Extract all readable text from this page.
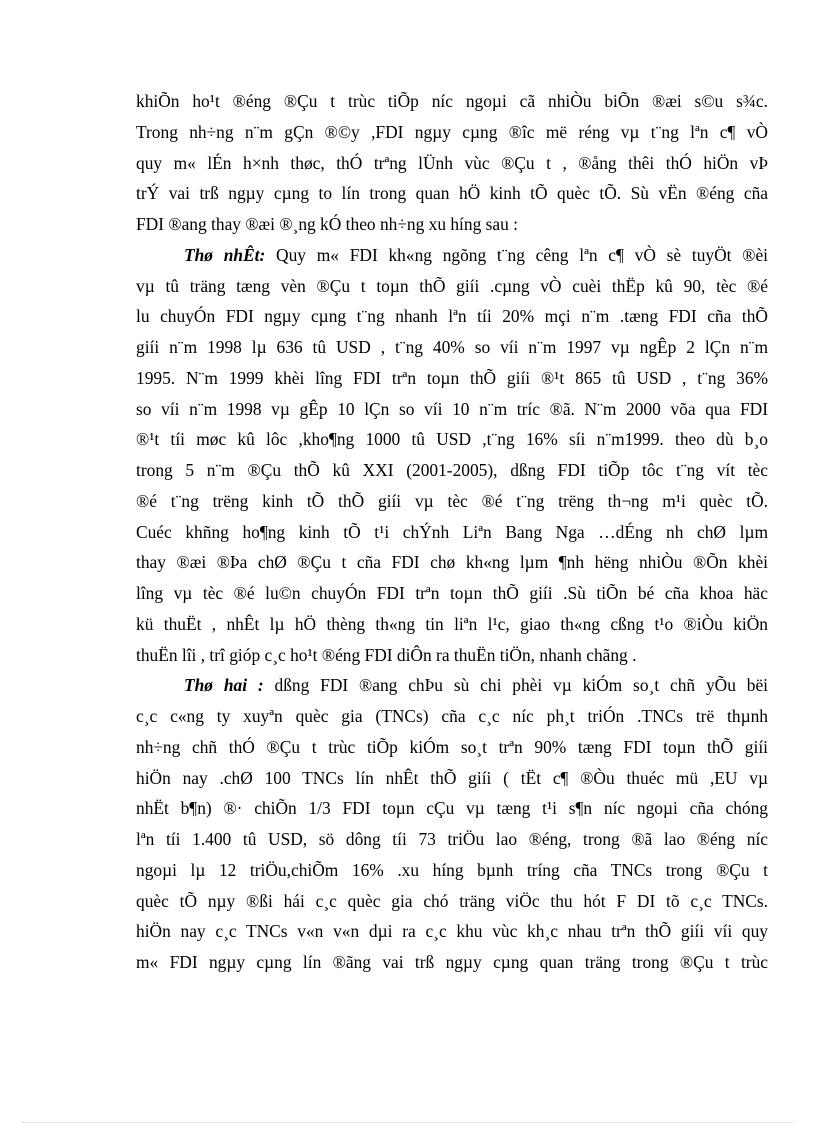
khiÕn ho¹t ®éng ®Çu t trùc tiÕp níc ngoµi cã nhiÒu biÕn ®æi s©u s¾c.
Trong nh÷ng n¨m gÇn ®©y ,FDI ngµy cµng ®îc më réng vµ t¨ng lªn c¶ vÒ
quy m« lÉn h×nh thøc, thÓ trªng lÜnh vùc ®Çu t , ®ång thêi thÓ hiÖn vÞ
trÝ vai trß ngµy cµng to lín trong quan hÖ kinh tÕ quèc tÕ. Sù vËn ®éng cña
FDI ®ang thay ®æi ®¸ng kÓ theo nh÷ng xu híng sau :
Thø nhÊt: Quy m« FDI kh«ng ngõng t¨ng cêng lªn c¶ vÒ sè tuyÖt ®èi
vµ tû träng tæng vèn ®Çu t toµn thÕ giíi .cµng vÒ cuèi thËp kû 90, tèc ®é
lu chuyÓn FDI ngµy cµng t¨ng nhanh lªn tíi 20% mçi n¨m .tæng FDI cña thÕ
giíi n¨m 1998 lµ 636 tû USD , t¨ng 40% so víi n¨m 1997 vµ ngÊp 2 lÇn n¨m
1995. N¨m 1999 khèi lîng FDI trªn toµn thÕ giíi ®¹t 865 tû USD , t¨ng 36%
so víi n¨m 1998 vµ gÊp 10 lÇn so víi 10 n¨m tríc ®ã. N¨m 2000 võa qua FDI
®¹t tíi møc kû lôc ,kho¶ng 1000 tû USD ,t¨ng 16% síi n¨m1999. theo dù b¸o
trong 5 n¨m ®Çu thÕ kû XXI (2001-2005), dßng FDI tiÕp tôc t¨ng vít tèc
®é t¨ng trëng kinh tÕ thÕ giíi vµ tèc ®é t¨ng trëng th¬ng m¹i quèc tÕ.
Cuéc khñng ho¶ng kinh tÕ t¹i chÝnh Liªn Bang Nga …dÉng nh chØ lµm
thay ®æi ®Þa chØ ®Çu t cña FDI chø kh«ng lµm ¶nh hëng nhiÒu ®Õn khèi
lîng vµ tèc ®é lu©n chuyÓn FDI trªn toµn thÕ giíi .Sù tiÕn bé cña khoa häc
kü thuËt , nhÊt lµ hÖ thèng th«ng tin liªn l¹c, giao th«ng cßng t¹o ®iÒu kiÖn
thuËn lîi , trî gióp c¸c ho¹t ®éng FDI diÔn ra thuËn tiÖn, nhanh chãng .
Thø hai : dßng FDI ®ang chÞu sù chi phèi vµ kiÓm so¸t chñ yÕu bëi
c¸c c«ng ty xuyªn quèc gia (TNCs) cña c¸c níc ph¸t triÓn .TNCs trë thµnh
nh÷ng chñ thÓ ®Çu t trùc tiÕp kiÓm so¸t trªn 90% tæng FDI toµn thÕ giíi
hiÖn nay .chØ 100 TNCs lín nhÊt thÕ giíi ( tËt c¶ ®Òu thuéc mü ,EU vµ
nhËt b¶n) ®· chiÕn 1/3 FDI toµn cÇu vµ tæng t¹i s¶n níc ngoµi cña chóng
lªn tíi 1.400 tû USD, sö dông tíi 73 triÖu lao ®éng, trong ®ã lao ®éng níc
ngoµi lµ 12 triÖu,chiÕm 16% .xu híng bµnh tríng cña TNCs trong ®Çu t
quèc tÕ nµy ®ßi hái c¸c quèc gia chó träng viÖc thu hót F DI tõ c¸c TNCs.
hiÖn nay c¸c TNCs v«n v«n dµi ra c¸c khu vùc kh¸c nhau trªn thÕ giíi víi quy
m« FDI ngµy cµng lín ®ãng vai trß ngµy cµng quan träng trong ®Çu t trùc
